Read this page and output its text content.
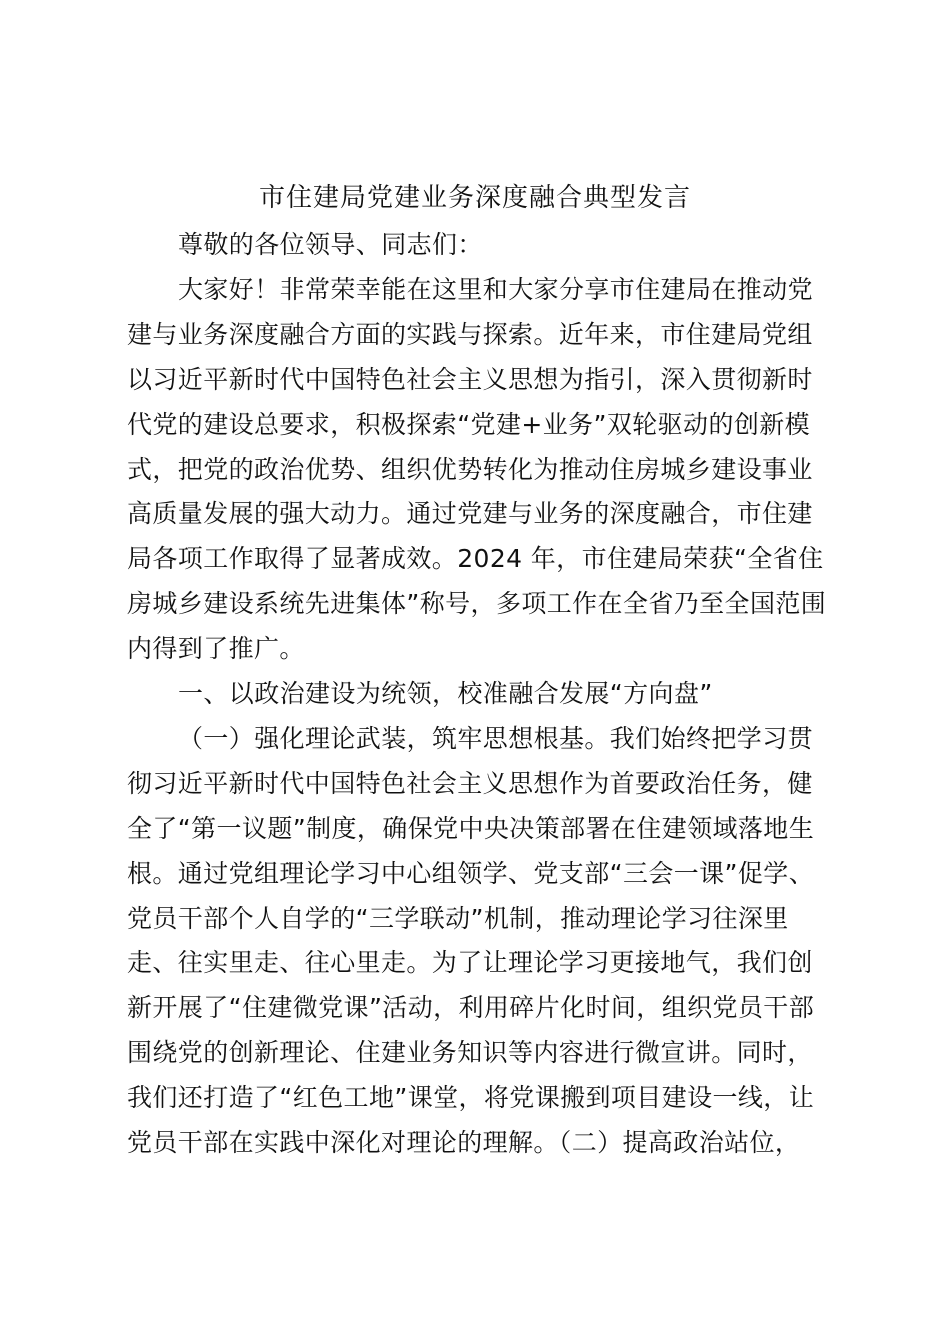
市住建局党建业务深度融合典型发言
尊敬的各位领导、同志们：
大家好！非常荣幸能在这里和大家分享市住建局在推动党
建与业务深度融合方面的实践与探索。近年来，市住建局党组
以习近平新时代中国特色社会主义思想为指引，深入贯彻新时
代党的建设总要求，积极探索“党建+业务”双轮驱动的创新模
式，把党的政治优势、组织优势转化为推动住房城乡建设事业
高质量发展的强大动力。通过党建与业务的深度融合，市住建
局各项工作取得了显著成效。2024 年，市住建局荣获“全省住
房城乡建设系统先进集体”称号，多项工作在全省乃至全国范围
内得到了推广。
一、以政治建设为统领，校准融合发展“方向盘”
（一）强化理论武装，筑牢思想根基。我们始终把学习贯
彻习近平新时代中国特色社会主义思想作为首要政治任务，健
全了“第一议题”制度，确保党中央决策部署在住建领域落地生
根。通过党组理论学习中心组领学、党支部“三会一课”促学、
党员干部个人自学的“三学联动”机制，推动理论学习往深里
走、往实里走、往心里走。为了让理论学习更接地气，我们创
新开展了“住建微党课”活动，利用碎片化时间，组织党员干部
围绕党的创新理论、住建业务知识等内容进行微宣讲。同时，
我们还打造了“红色工地”课堂，将党课搬到项目建设一线，让
党员干部在实践中深化对理论的理解。（二）提高政治站位，
